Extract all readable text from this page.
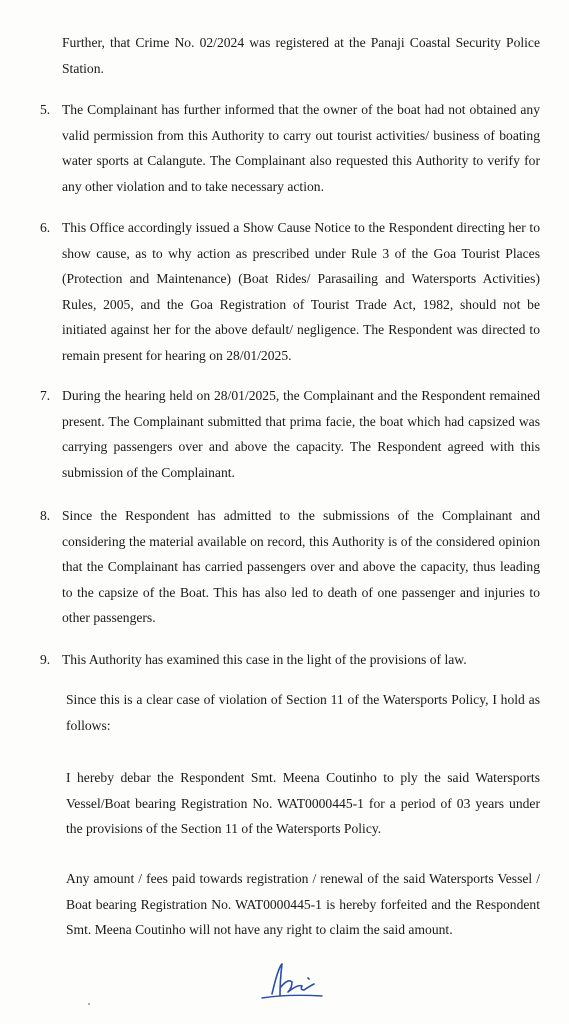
Further, that Crime No. 02/2024 was registered at the Panaji Coastal Security Police Station.

5. The Complainant has further informed that the owner of the boat had not obtained any valid permission from this Authority to carry out tourist activities/ business of boating water sports at Calangute. The Complainant also requested this Authority to verify for any other violation and to take necessary action.

6. This Office accordingly issued a Show Cause Notice to the Respondent directing her to show cause, as to why action as prescribed under Rule 3 of the Goa Tourist Places (Protection and Maintenance) (Boat Rides/ Parasailing and Watersports Activities) Rules, 2005, and the Goa Registration of Tourist Trade Act, 1982, should not be initiated against her for the above default/ negligence. The Respondent was directed to remain present for hearing on 28/01/2025.

7. During the hearing held on 28/01/2025, the Complainant and the Respondent remained present. The Complainant submitted that prima facie, the boat which had capsized was carrying passengers over and above the capacity. The Respondent agreed with this submission of the Complainant.

8. Since the Respondent has admitted to the submissions of the Complainant and considering the material available on record, this Authority is of the considered opinion that the Complainant has carried passengers over and above the capacity, thus leading to the capsize of the Boat. This has also led to death of one passenger and injuries to other passengers.

9. This Authority has examined this case in the light of the provisions of law.

Since this is a clear case of violation of Section 11 of the Watersports Policy, I hold as follows:

I hereby debar the Respondent Smt. Meena Coutinho to ply the said Watersports Vessel/Boat bearing Registration No. WAT0000445-1 for a period of 03 years under the provisions of the Section 11 of the Watersports Policy.

Any amount / fees paid towards registration / renewal of the said Watersports Vessel / Boat bearing Registration No. WAT0000445-1 is hereby forfeited and the Respondent Smt. Meena Coutinho will not have any right to claim the said amount.
